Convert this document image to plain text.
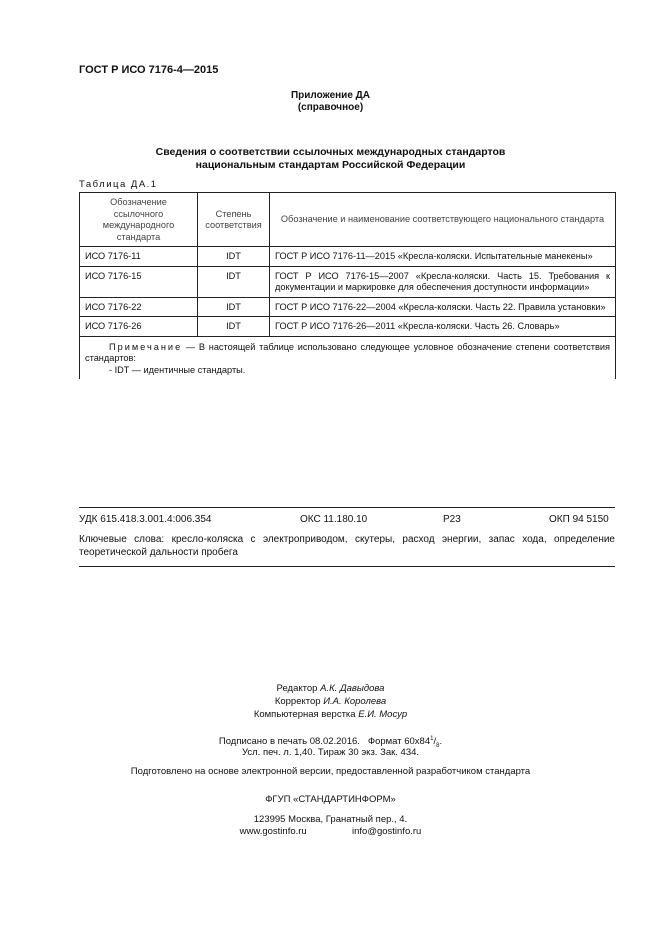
ГОСТ Р ИСО 7176-4—2015
Приложение ДА
(справочное)
Сведения о соответствии ссылочных международных стандартов
национальным стандартам Российской Федерации
Таблица ДА.1
Обозначение ссылочного международного стандарта	Степень соответствия	Обозначение и наименование соответствующего национального стандарта
ИСО 7176-11	IDT	ГОСТ Р ИСО 7176-11—2015 «Кресла-коляски. Испытательные манекены»
ИСО 7176-15	IDT	ГОСТ Р ИСО 7176-15—2007 «Кресла-коляски. Часть 15. Требования к документации и маркировке для обеспечения доступности информации»
ИСО 7176-22	IDT	ГОСТ Р ИСО 7176-22—2004 «Кресла-коляски. Часть 22. Правила установки»
ИСО 7176-26	IDT	ГОСТ Р ИСО 7176-26—2011 «Кресла-коляски. Часть 26. Словарь»
Примечание — В настоящей таблице использовано следующее условное обозначение степени соответствия стандартов:
- IDT — идентичные стандарты.		
УДК 615.418.3.001.4:006.354	ОКС 11.180.10	Р23	ОКП 94 5150
Ключевые слова: кресло-коляска с электроприводом, скутеры, расход энергии, запас хода, определение теоретической дальности пробега
Редактор А.К. Давыдова
Корректор И.А. Королева
Компьютерная верстка Е.И. Мосур
Подписано в печать 08.02.2016. Формат $60х84^1/_8$.
Усл. печ. л. 1,40. Тираж 30 экз. Зак. 434.
Подготовлено на основе электронной версии, предоставленной разработчиком стандарта
ФГУП «СТАНДАРТИНФОРМ»
123995 Москва, Гранатный пер., 4.
www.gostinfo.ru	info@gostinfo.ru
